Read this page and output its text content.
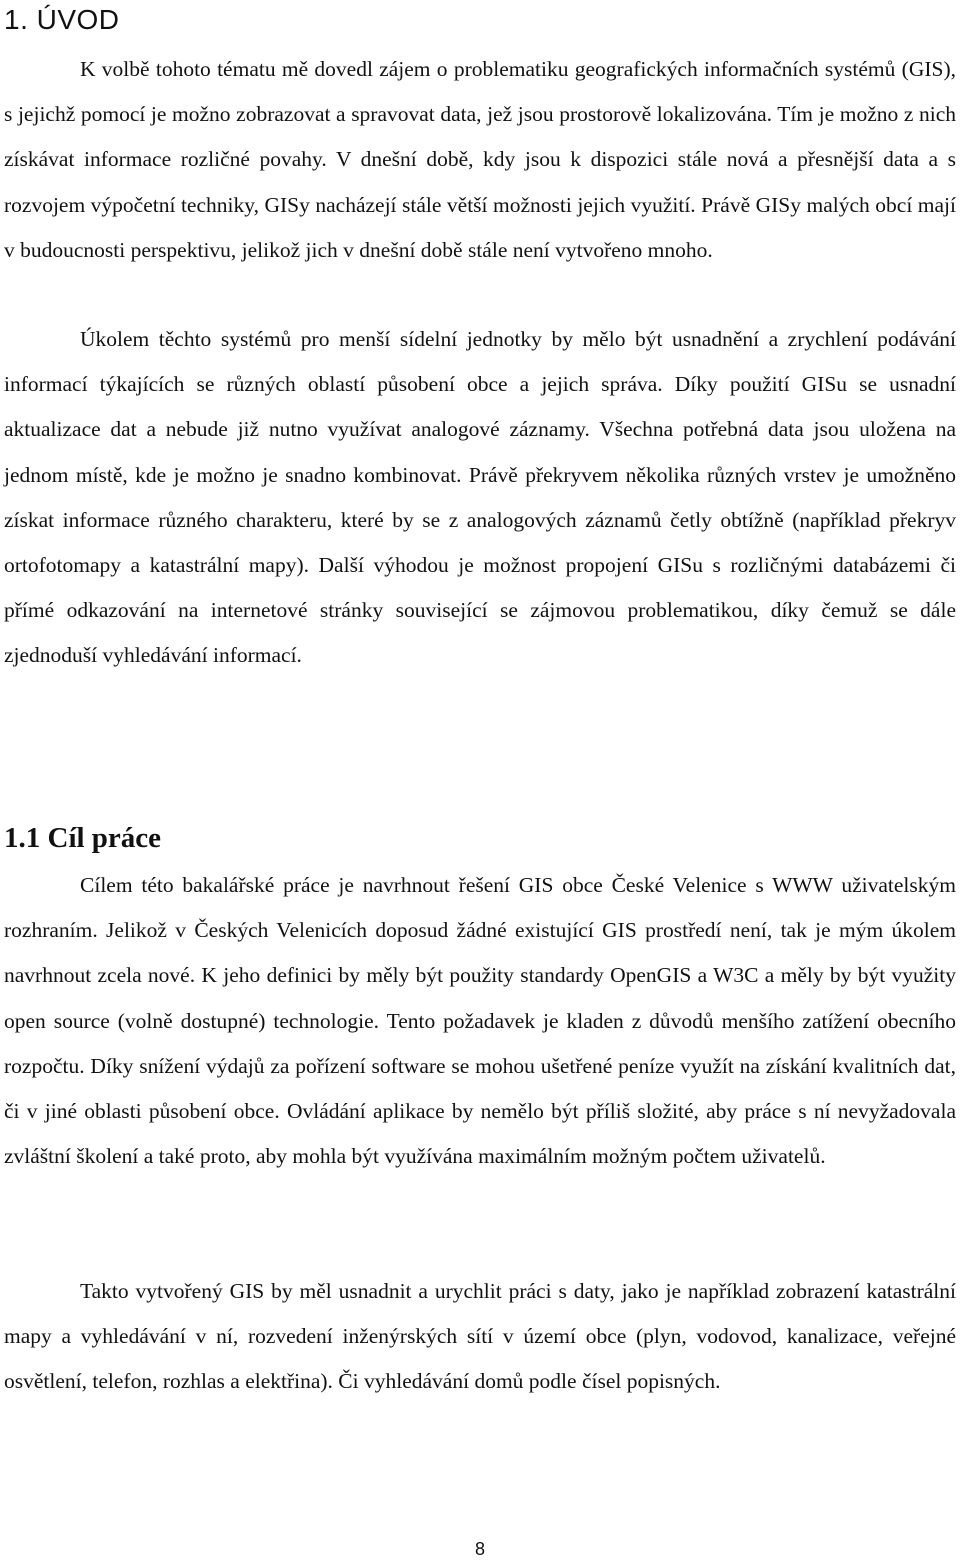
1. ÚVOD

K volbě tohoto tématu mě dovedl zájem o problematiku geografických informačních systémů (GIS), s jejichž pomocí je možno zobrazovat a spravovat data, jež jsou prostorově lokalizována. Tím je možno z nich získávat informace rozličné povahy. V dnešní době, kdy jsou k dispozici stále nová a přesnější data a s rozvojem výpočetní techniky, GISy nacházejí stále větší možnosti jejich využití. Právě GISy malých obcí mají v budoucnosti perspektivu, jelikož jich v dnešní době stále není vytvořeno mnoho.

Úkolem těchto systémů pro menší sídelní jednotky by mělo být usnadnění a zrychlení podávání informací týkajících se různých oblastí působení obce a jejich správa. Díky použití GISu se usnadní aktualizace dat a nebude již nutno využívat analogové záznamy. Všechna potřebná data jsou uložena na jednom místě, kde je možno je snadno kombinovat. Právě překryvem několika různých vrstev je umožněno získat informace různého charakteru, které by se z analogových záznamů četly obtížně (například překryv ortofotomapy a katastrální mapy). Další výhodou je možnost propojení GISu s rozličnými databázemi či přímé odkazování na internetové stránky související se zájmovou problematikou, díky čemuž se dále zjednoduší vyhledávání informací.

1.1 Cíl práce

Cílem této bakalářské práce je navrhnout řešení GIS obce České Velenice s WWW uživatelským rozhraním. Jelikož v Českých Velenicích doposud žádné existující GIS prostředí není, tak je mým úkolem navrhnout zcela nové. K jeho definici by měly být použity standardy OpenGIS a W3C a měly by být využity open source (volně dostupné) technologie. Tento požadavek je kladen z důvodů menšího zatížení obecního rozpočtu. Díky snížení výdajů za pořízení software se mohou ušetřené peníze využít na získání kvalitních dat, či v jiné oblasti působení obce. Ovládání aplikace by nemělo být příliš složité, aby práce s ní nevyžadovala zvláštní školení a také proto, aby mohla být využívána maximálním možným počtem uživatelů.

Takto vytvořený GIS by měl usnadnit a urychlit práci s daty, jako je například zobrazení katastrální mapy a vyhledávání v ní, rozvedení inženýrských sítí v území obce (plyn, vodovod, kanalizace, veřejné osvětlení, telefon, rozhlas a elektřina). Či vyhledávání domů podle čísel popisných.

8
